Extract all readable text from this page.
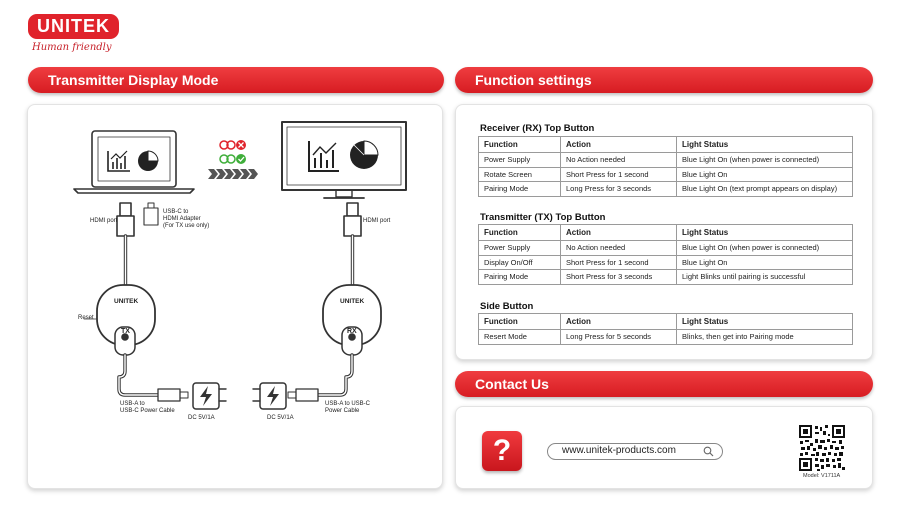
UNITEK
Human friendly
Transmitter Display Mode	Function settings
Contact Us
HDMI port
USB-C to
HDMI Adapter
(For TX use only)
HDMI port
Reset
UNITEK	UNITEK
TX	RX
USB-A to
USB-C Power Cable
DC 5V/1A	DC 5V/1A
USB-A to USB-C
Power Cable
Receiver (RX) Top Button
Function	Action	Light Status
Power Supply	No Action needed	Blue Light On (when power is connected)
Rotate Screen	Short Press for 1 second	Blue Light On
Pairing Mode	Long Press for 3 seconds	Blue Light On (text prompt appears on display)
Transmitter (TX) Top Button
Function	Action	Light Status
Power Supply	No Action needed	Blue Light On (when power is connected)
Display On/Off	Short Press for 1 second	Blue Light On
Pairing Mode	Short Press for 3 seconds	Light Blinks until pairing is successful
Side Button
Function	Action	Light Status
Resert Mode	Long Press for 5 seconds	Blinks, then get into Pairing mode
?	www.unitek-products.com
Model: V1711A
